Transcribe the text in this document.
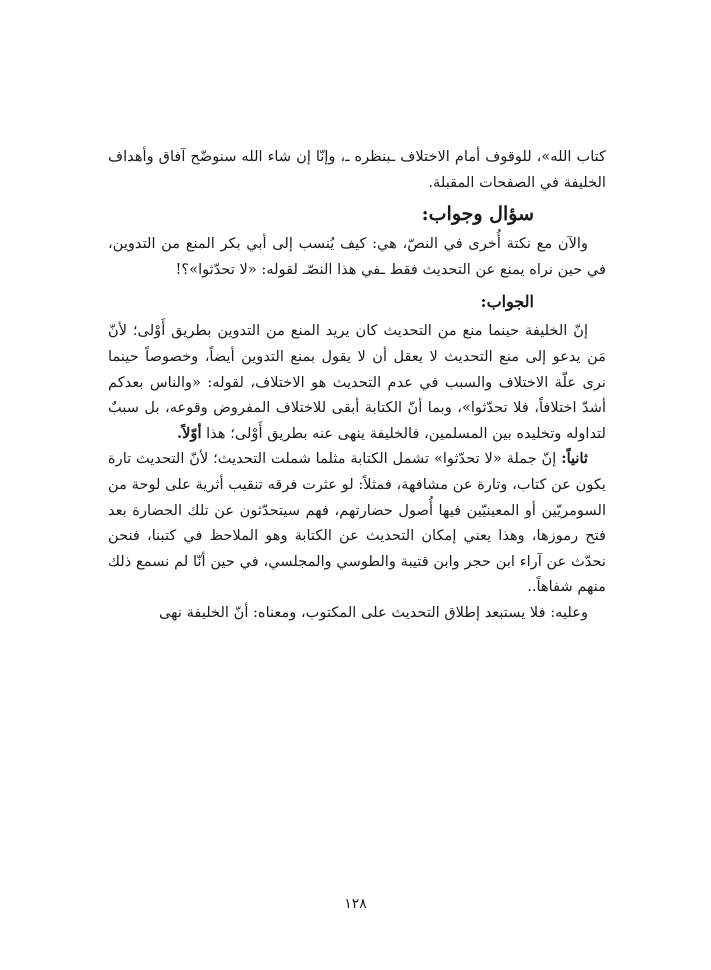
كتاب الله»، للوقوف أمام الاختلاف ـبنظره ـ، وإنّا إن شاء الله سنوضّح آفاق وأهداف الخليفة في الصفحات المقبلة.

سؤال وجواب:

والآن مع نكتة أُخرى في النصّ، هي: كيف يُنسب إلى أبي بكر المنع من التدوين، في حين نراه يمنع عن التحديث فقط ـفي هذا النصّـ لقوله: «لا تحدّثوا»؟!

الجواب:

إنّ الخليفة حينما منع من التحديث كان يريد المنع من التدوين بطريق أَوْلى؛ لأنّ مَن يدعو إلى منع التحديث لا يعقل أن لا يقول بمنع التدوين أيضاً، وخصوصاً حينما نرى علّة الاختلاف والسبب في عدم التحديث هو الاختلاف، لقوله: «والناس بعدكم أشدّ اختلافاً، فلا تحدّثوا»، وبما أنّ الكتابة أبقى للاختلاف المفروض وقوعه، بل سببٌ لتداوله وتخليده بين المسلمين، فالخليفة ينهى عنه بطريق أَوْلى؛ هذا أوّلاً.

ثانياً: إنّ جملة «لا تحدّثوا» تشمل الكتابة مثلما شملت التحديث؛ لأنّ التحديث تارة يكون عن كتاب، وتارة عن مشافهة، فمثلاً: لو عثرت فرقه تنقيب أثرية على لوحة من السومريّين أو المعينيّين فيها أُصول حضارتهم، فهم سيتحدّثون عن تلك الحضارة بعد فتح رموزها، وهذا يعني إمكان التحديث عن الكتابة وهو الملاحظ في كتبنا، فنحن نحدّث عن آراء ابن حجر وابن قتيبة والطوسي والمجلسي، في حين أنّا لم نسمع ذلك منهم شفاهاً..

وعليه: فلا يستبعد إطلاق التحديث على المكتوب، ومعناه: أنّ الخليفة نهى

١٢٨
